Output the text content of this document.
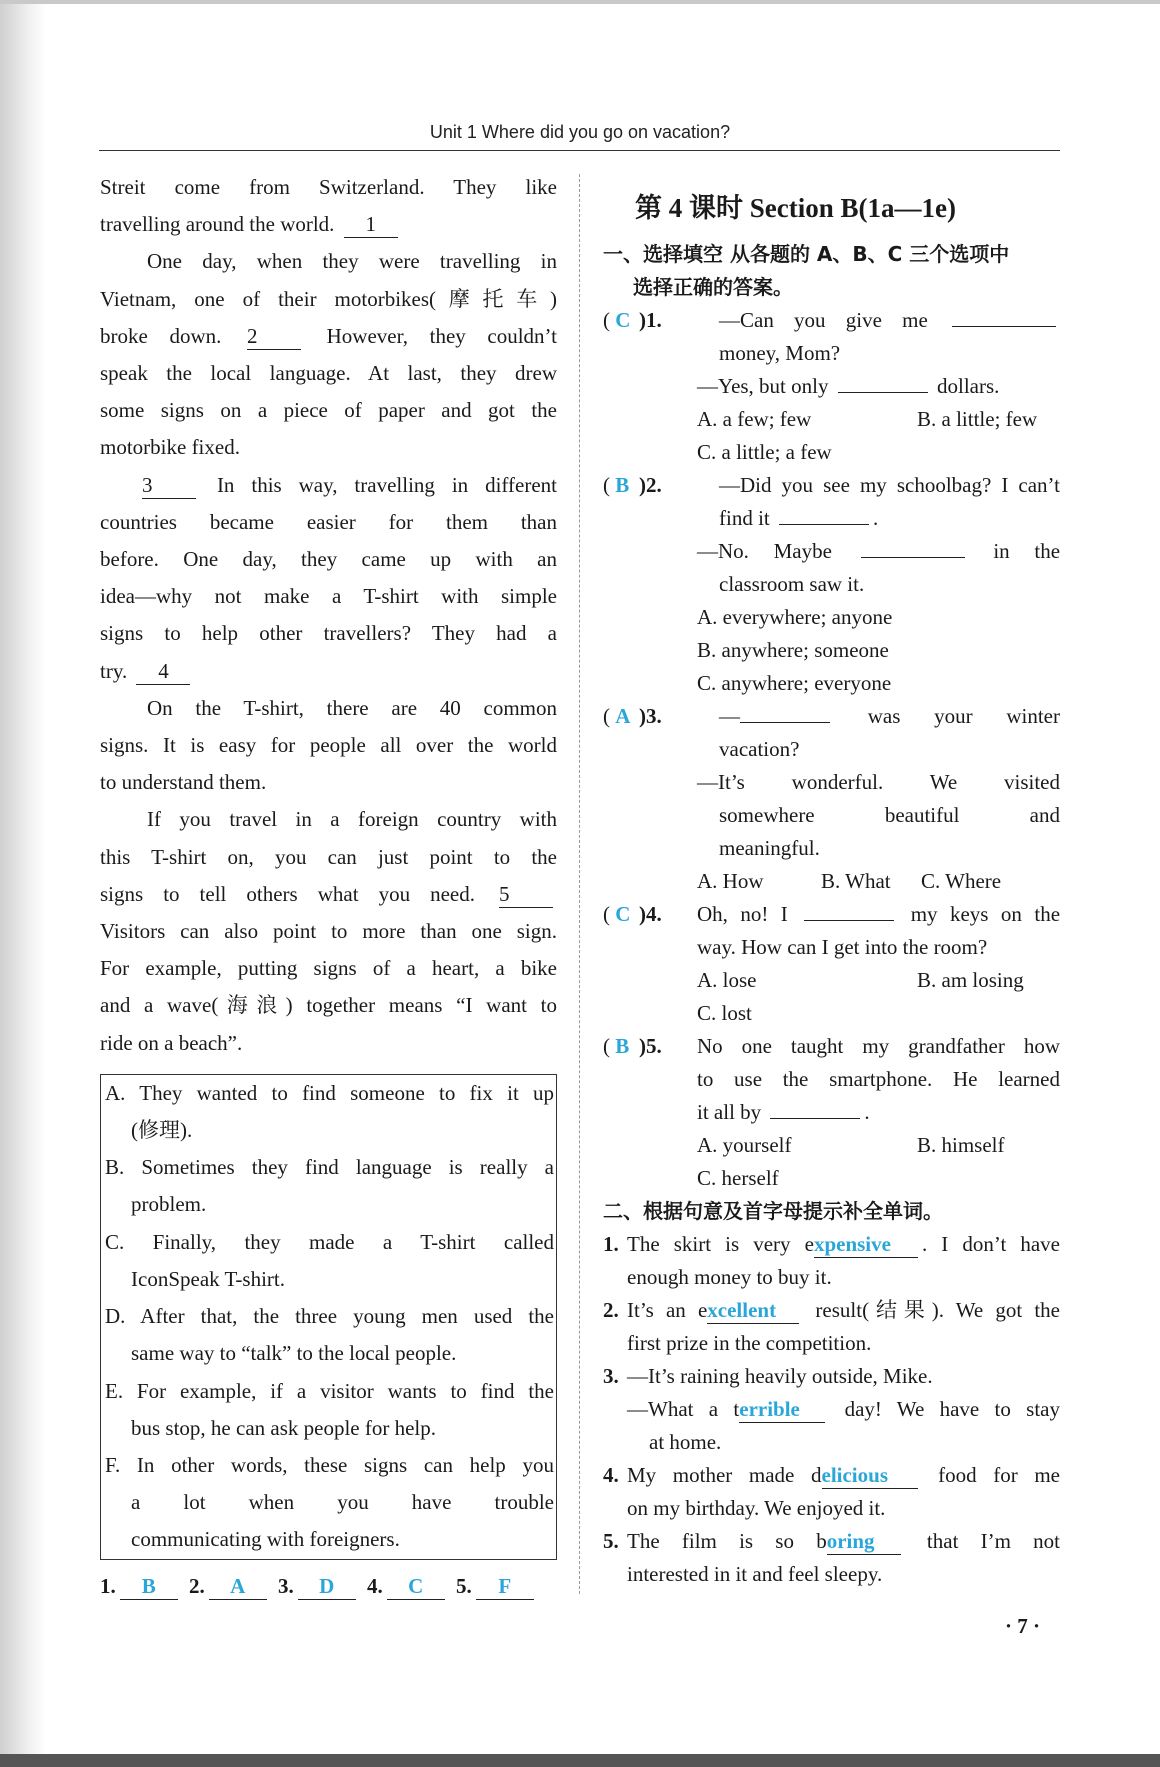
Unit 1 Where did you go on vacation?

Streit come from Switzerland. They like

travelling around the world. 1

One day, when they were travelling in

Vietnam, one of their motorbikes(摩托车)

broke down. 2	However, they couldn’t

speak the local language. At last, they drew

some signs on a piece of paper and got the

motorbike fixed.

3	In this way, travelling in different

countries became easier for them than

before. One day, they came up with an

idea—why not make a T-shirt with simple

signs to help other travellers? They had a

try. 4

On the T-shirt, there are 40 common

signs. It is easy for people all over the world

to understand them.

If you travel in a foreign country with

this T-shirt on, you can just point to the

signs to tell others what you need. 5

Visitors can also point to more than one sign.

For example, putting signs of a heart, a bike

and a wave(海浪) together means “I want to

ride on a beach”.

A. They wanted to find someone to fix it up

(修理).

B. Sometimes they find language is really a

problem.

C. Finally, they made a T-shirt called

IconSpeak T-shirt.

D. After that, the three young men used the

same way to “talk” to the local people.

E. For example, if a visitor wants to find the

bus stop, he can ask people for help.

F. In other words, these signs can help you

a lot when you have trouble

communicating with foreigners.

1. B 2. A 3. D 4. C 5. F
第 4 课时 Section B(1a—1e)
一、选择填空 从各题的 A、B、C 三个选项中
选择正确的答案。
( C )1.	—Can you give me

money, Mom?

—Yes, but only	dollars.

A. a few; few	B. a little; few

C. a little; a few

( B )2.	—Did you see my schoolbag? I can’t

find it	.

—No. Maybe	in the

classroom saw it.

A. everywhere; anyone

B. anywhere; someone

C. anywhere; everyone

( A )3.	—	was your winter

vacation?

—It’s wonderful. We visited

somewhere beautiful and

meaningful.

A. How	B. What	C. Where
( C )4. Oh, no! I	my keys on the

way. How can I get into the room?

A. lose	B. am losing

C. lost

( B )5. No one taught my grandfather how

to use the smartphone. He learned

it all by	.

A. yourself	B. himself

C. herself

二、根据句意及首字母提示补全单词。
1. The skirt is very expensive . I don’t have

enough money to buy it.

2. It’s an excellent result(结果). We got the

first prize in the competition.

3. —It’s raining heavily outside, Mike.

—What a terrible day! We have to stay

at home.

4. My mother made delicious food for me

on my birthday. We enjoyed it.

5. The film is so boring that I’m not

interested in it and feel sleepy.

· 7 ·
